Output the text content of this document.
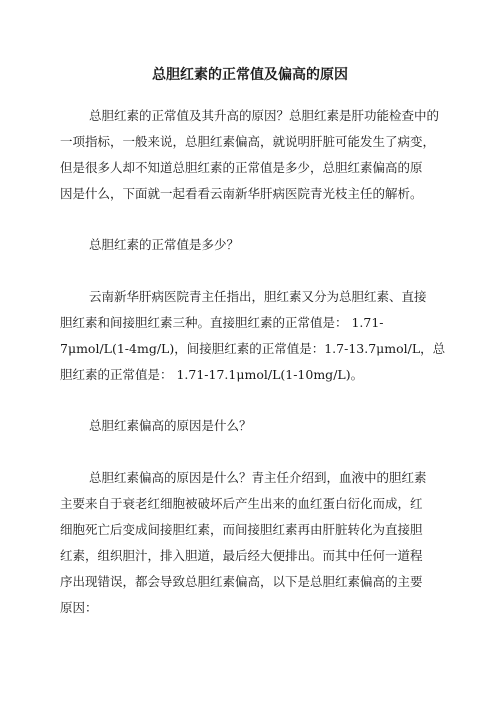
总胆红素的正常值及偏高的原因
总胆红素的正常值及其升高的原因？总胆红素是肝功能检查中的
一项指标，一般来说，总胆红素偏高，就说明肝脏可能发生了病变，
但是很多人却不知道总胆红素的正常值是多少，总胆红素偏高的原
因是什么，下面就一起看看云南新华肝病医院青光枝主任的解析。
总胆红素的正常值是多少？
云南新华肝病医院青主任指出，胆红素又分为总胆红素、直接
胆红素和间接胆红素三种。直接胆红素的正常值是： 1.71-
7μmol/L(1-4mg/L)，间接胆红素的正常值是：1.7-13.7μmol/L，总
胆红素的正常值是： 1.71-17.1μmol/L(1-10mg/L)。
总胆红素偏高的原因是什么？
总胆红素偏高的原因是什么？青主任介绍到，血液中的胆红素
主要来自于衰老红细胞被破坏后产生出来的血红蛋白衍化而成，红
细胞死亡后变成间接胆红素，而间接胆红素再由肝脏转化为直接胆
红素，组织胆汁，排入胆道，最后经大便排出。而其中任何一道程
序出现错误，都会导致总胆红素偏高，以下是总胆红素偏高的主要
原因：
